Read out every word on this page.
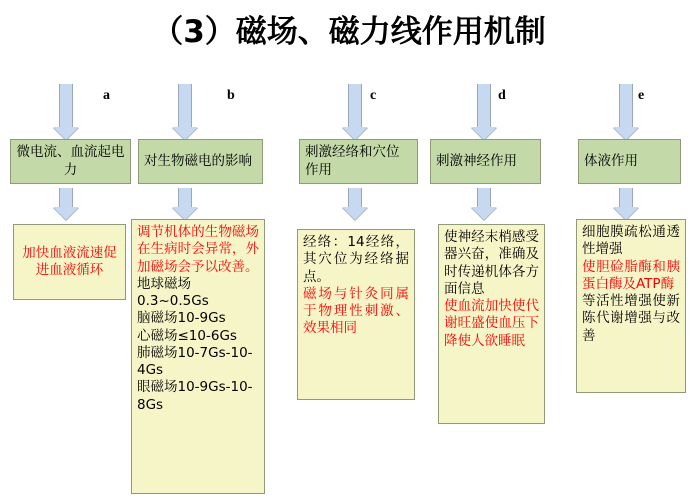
（3）磁场、磁力线作用机制
a
微电流、血流起电力
加快血液流速促进血液循环
b
对生物磁电的影响
调节机体的生物磁场在生病时会异常，外加磁场会予以改善。
地球磁场0.3~0.5Gs
脑磁场10-9Gs
心磁场≤10-6Gs
肺磁场10-7Gs-10-4Gs
眼磁场10-9Gs-10-8Gs
c
刺激经络和穴位作用
经络：14经络，其穴位为经络据点。
磁场与针灸同属于物理性刺激、效果相同
d
刺激神经作用
使神经末梢感受器兴奋，准确及时传递机体各方面信息
使血流加快使代谢旺盛使血压下降使人欲睡眠
e
体液作用
细胞膜疏松通透性增强
使胆硷脂酶和胰蛋白酶及ATP酶
等活性增强使新陈代谢增强与改善
